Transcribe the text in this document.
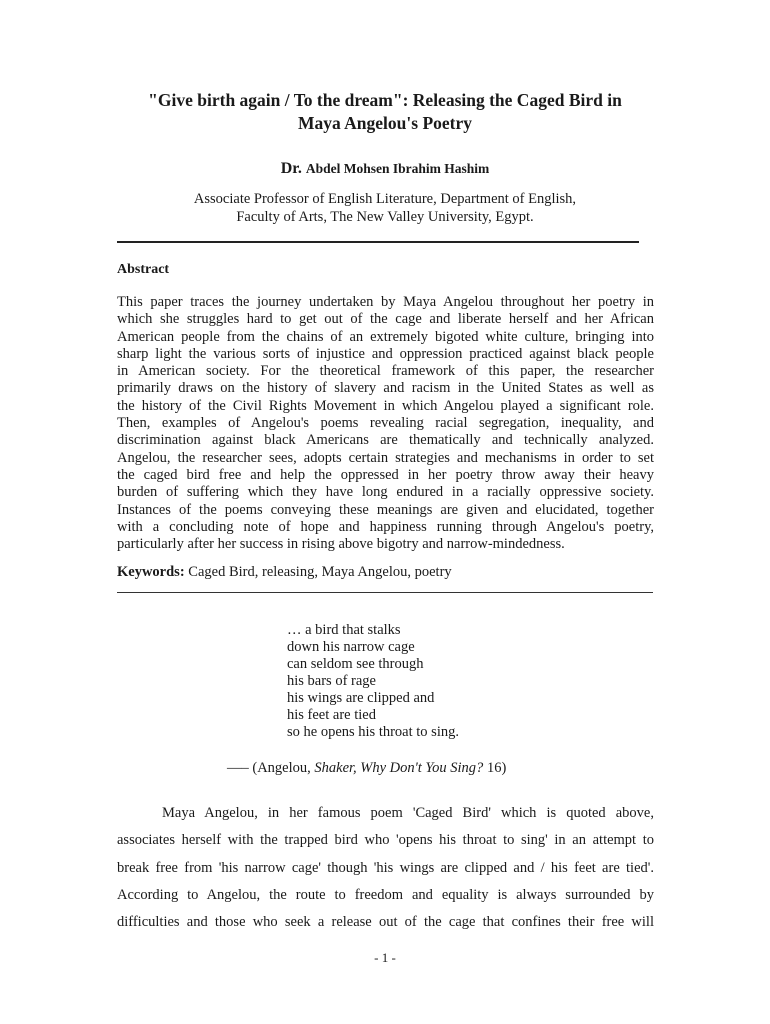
"Give birth again / To the dream": Releasing the Caged Bird in
Maya Angelou's Poetry
Dr. Abdel Mohsen Ibrahim Hashim
Associate Professor of English Literature, Department of English,
Faculty of Arts, The New Valley University, Egypt.
Abstract
This paper traces the journey undertaken by Maya Angelou throughout her poetry in
which she struggles hard to get out of the cage and liberate herself and her African
American people from the chains of an extremely bigoted white culture, bringing into
sharp light the various sorts of injustice and oppression practiced against black people
in American society. For the theoretical framework of this paper, the researcher
primarily draws on the history of slavery and racism in the United States as well as
the history of the Civil Rights Movement in which Angelou played a significant role.
Then, examples of Angelou's poems revealing racial segregation, inequality, and
discrimination against black Americans are thematically and technically analyzed.
Angelou, the researcher sees, adopts certain strategies and mechanisms in order to set
the caged bird free and help the oppressed in her poetry throw away their heavy
burden of suffering which they have long endured in a racially oppressive society.
Instances of the poems conveying these meanings are given and elucidated, together
with a concluding note of hope and happiness running through Angelou's poetry,
particularly after her success in rising above bigotry and narrow-mindedness.
Keywords: Caged Bird, releasing, Maya Angelou, poetry
… a bird that stalks
down his narrow cage
can seldom see through
his bars of rage
his wings are clipped and
his feet are tied
so he opens his throat to sing.
—– (Angelou, Shaker, Why Don't You Sing? 16)
Maya Angelou, in her famous poem 'Caged Bird' which is quoted above,
associates herself with the trapped bird who 'opens his throat to sing' in an attempt to
break free from 'his narrow cage' though 'his wings are clipped and / his feet are tied'.
According to Angelou, the route to freedom and equality is always surrounded by
difficulties and those who seek a release out of the cage that confines their free will
- 1 -
